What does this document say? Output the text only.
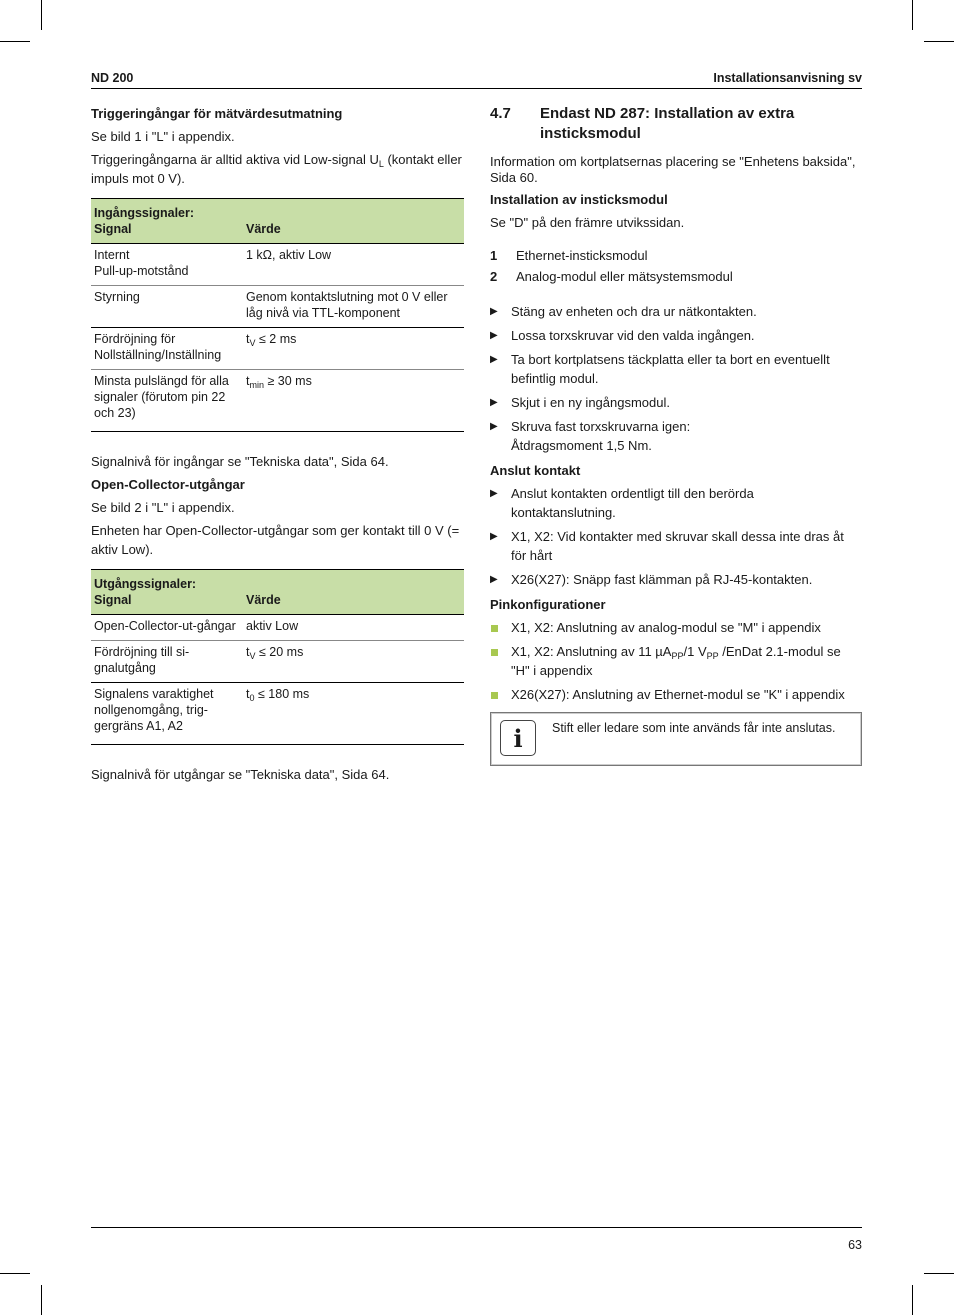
ND 200	Installationsanvisning sv
Triggeringångar för mätvärdesutmatning

Se bild 1 i "L" i appendix.

Triggeringångarna är alltid aktiva vid Low-signal $U_L$ (kontakt eller impuls mot 0 V).

Ingångssignaler:
Signal	Värde

Internt
Pull-up-motstånd	1 kΩ, aktiv Low
Styrning	Genom kontaktslutning mot 0 V eller låg nivå via TTL-komponent
Fördröjning för Nollställning/Inställning	$t_V \le 2$ ms
Minsta pulslängd för alla signaler (förutom pin 22 och 23)	$t_{min} \ge 30$ ms

Signalnivå för ingångar se "Tekniska data", Sida 64.

Open-Collector-utgångar

Se bild 2 i "L" i appendix.

Enheten har Open-Collector-utgångar som ger kontakt till 0 V (= aktiv Low).

Utgångssignaler:
Signal	Värde
Open-Collector-ut-gångar	aktiv Low
Fördröjning till si-gnalutgång	$t_V \le 20$ ms
Signalens varaktighet nollgenomgång, trig-gergräns A1, A2	$t_0 \le 180$ ms

Signalnivå för utgångar se "Tekniska data", Sida 64.

4.7	Endast ND 287: Installation av extra insticksmodul

Information om kortplatsernas placering se "Enhetens baksida", Sida 60.

Installation av insticksmodul

Se "D" på den främre utvikssidan.

1	Ethernet-insticksmodul
2	Analog-modul eller mätsystemsmodul
▶	Stäng av enheten och dra ur nätkontakten.
▶	Lossa torxskruvar vid den valda ingången.
▶	Ta bort kortplatsens täckplatta eller ta bort en eventuellt befintlig modul.
▶	Skjut i en ny ingångsmodul.
▶	Skruva fast torxskruvarna igen:
Åtdragsmoment 1,5 Nm.
Anslut kontakt
▶	Anslut kontakten ordentligt till den berörda kontaktanslutning.
▶	X1, X2: Vid kontakter med skruvar skall dessa inte dras åt för hårt
▶	X26(X27): Snäpp fast klämman på RJ-45-kontakten.
Pinkonfigurationer
X1, X2: Anslutning av analog-modul se "M" i appendix
X1, X2: Anslutning av 11 µA$_{PP}$/1 $V_{PP}$ /EnDat 2.1-modul se "H" i appendix
X26(X27): Anslutning av Ethernet-modul se "K" i appendix
i	Stift eller ledare som inte används får inte anslutas.
63
